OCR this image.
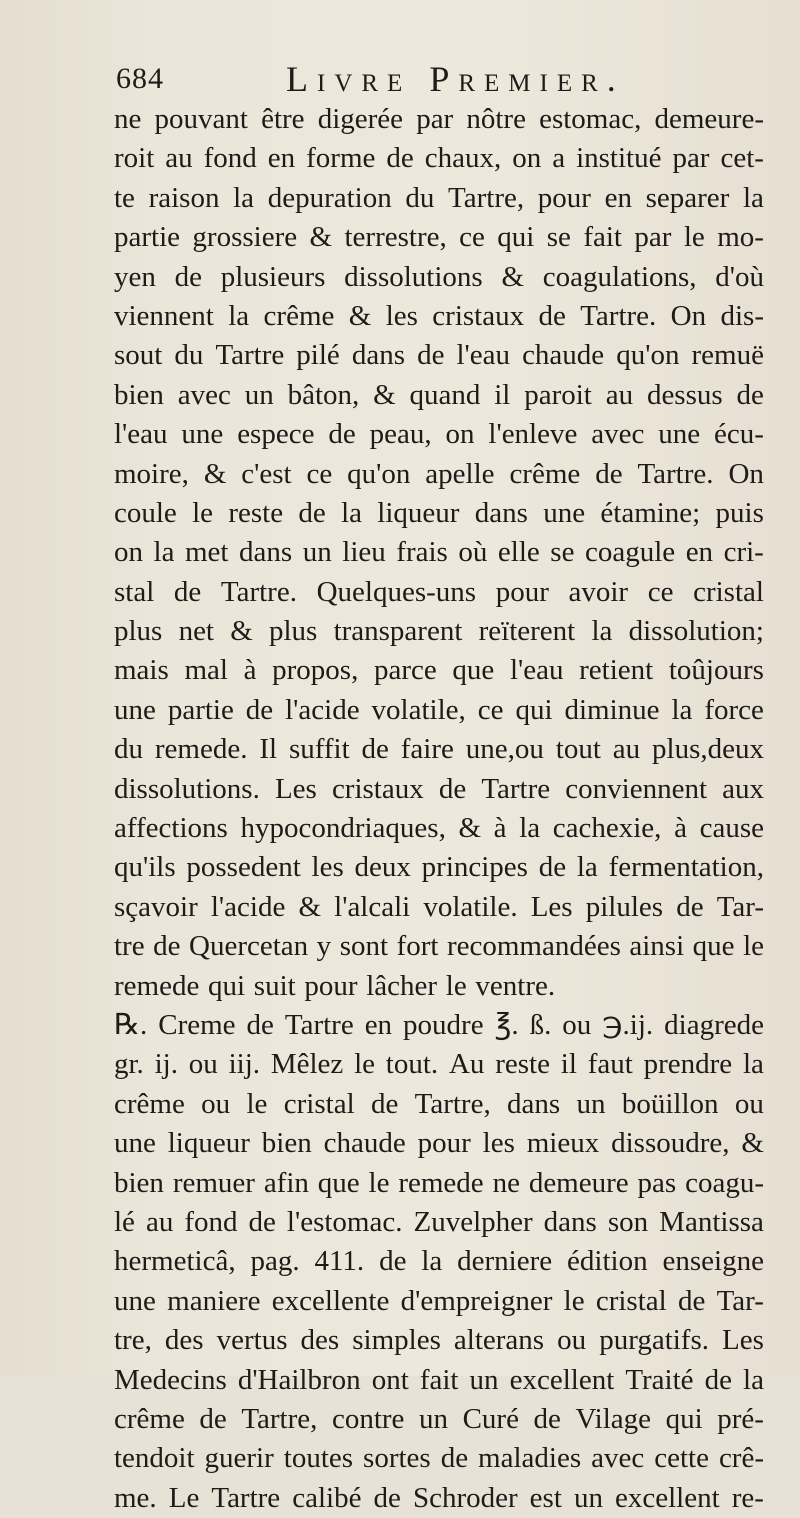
684	Livre Premier.
ne pouvant être digerée par nôtre estomac, demeure-
roit au fond en forme de chaux, on a institué par cet-
te raison la depuration du Tartre, pour en separer la
partie grossiere & terrestre, ce qui se fait par le mo-
yen de plusieurs dissolutions & coagulations, d'où
viennent la crême & les cristaux de Tartre. On dis-
sout du Tartre pilé dans de l'eau chaude qu'on remuë
bien avec un bâton, & quand il paroit au dessus de
l'eau une espece de peau, on l'enleve avec une écu-
moire, & c'est ce qu'on apelle crême de Tartre. On
coule le reste de la liqueur dans une étamine; puis
on la met dans un lieu frais où elle se coagule en cri-
stal de Tartre. Quelques-uns pour avoir ce cristal
plus net & plus transparent reïterent la dissolution;
mais mal à propos, parce que l'eau retient toûjours
une partie de l'acide volatile, ce qui diminue la force
du remede. Il suffit de faire une,ou tout au plus,deux
dissolutions. Les cristaux de Tartre conviennent aux
affections hypocondriaques, & à la cachexie, à cause
qu'ils possedent les deux principes de la fermentation,
sçavoir l'acide & l'alcali volatile. Les pilules de Tar-
tre de Quercetan y sont fort recommandées ainsi que le
remede qui suit pour lâcher le ventre.
℞. Creme de Tartre en poudre ℥. ß. ou ℈.ij. diagrede
gr. ij. ou iij. Mêlez le tout. Au reste il faut prendre la
crême ou le cristal de Tartre, dans un boüillon ou
une liqueur bien chaude pour les mieux dissoudre, &
bien remuer afin que le remede ne demeure pas coagu-
lé au fond de l'estomac. Zuvelpher dans son Mantissa
hermeticâ, pag. 411. de la derniere édition enseigne
une maniere excellente d'empreigner le cristal de Tar-
tre, des vertus des simples alterans ou purgatifs. Les
Medecins d'Hailbron ont fait un excellent Traité de la
crême de Tartre, contre un Curé de Vilage qui pré-
tendoit guerir toutes sortes de maladies avec cette crê-
me. Le Tartre calibé de Schroder est un excellent re-
